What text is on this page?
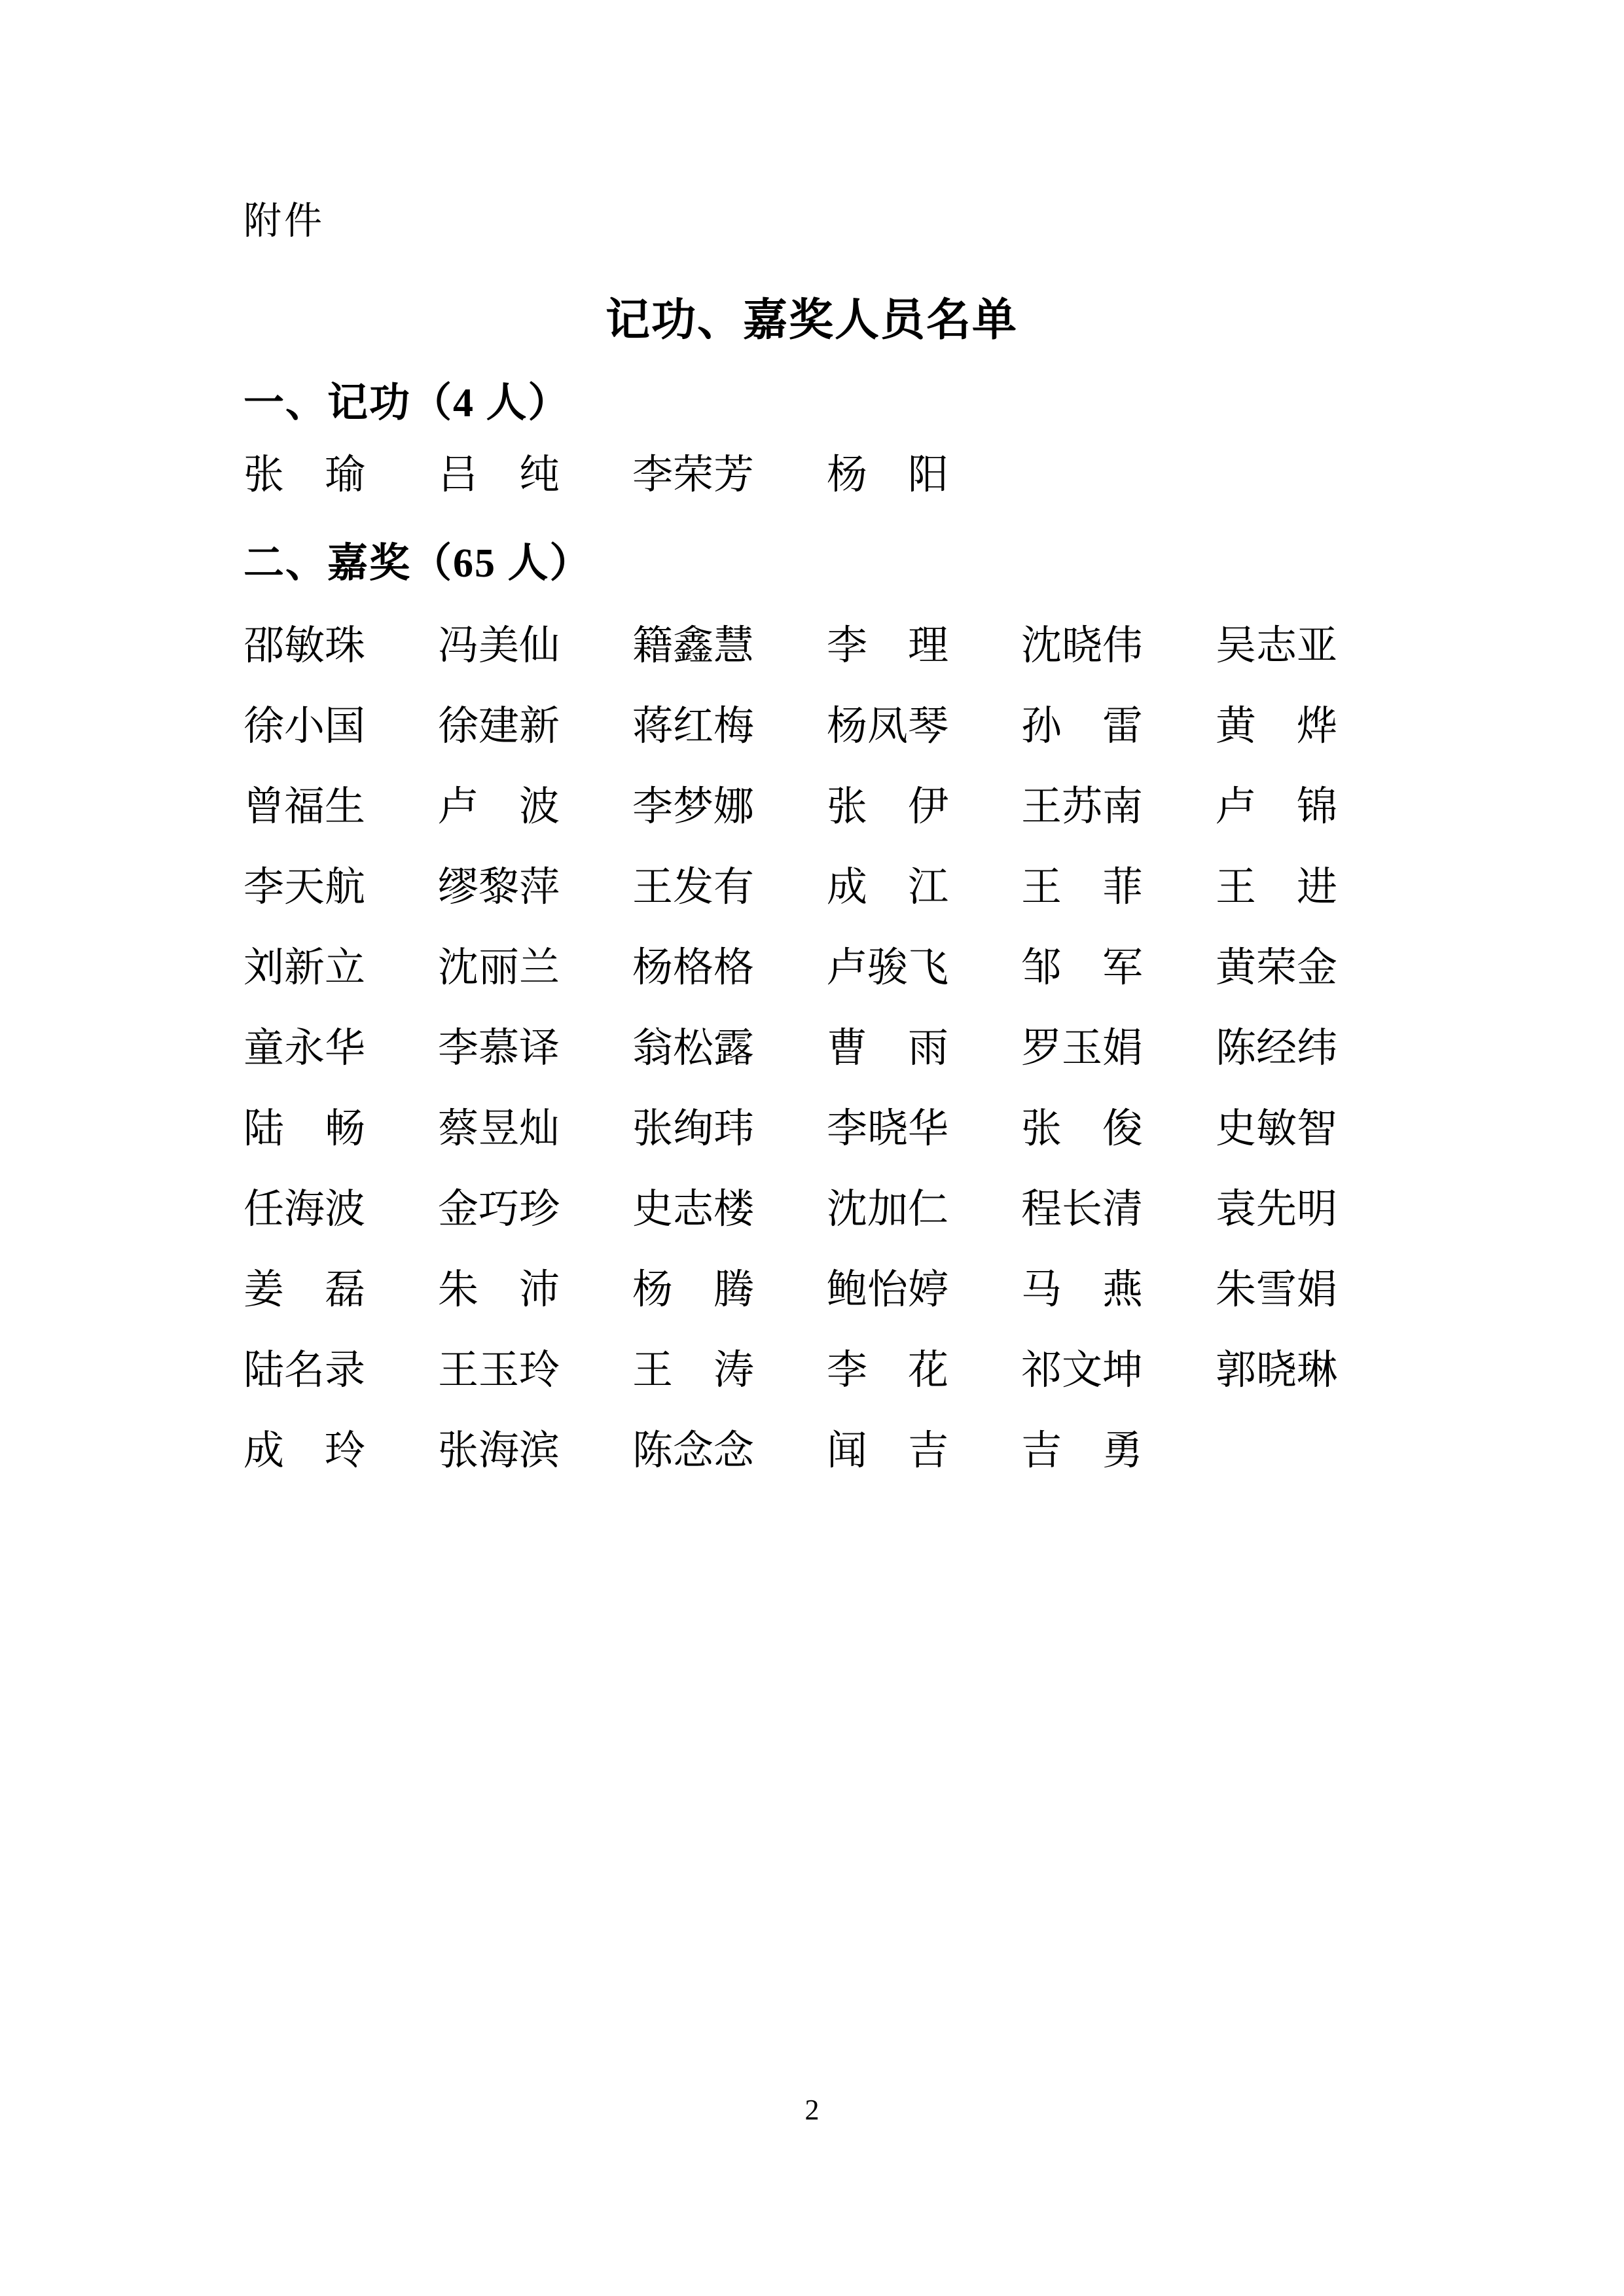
附件
记功、嘉奖人员名单
一、记功（4 人）
张　瑜 吕　纯 李荣芳 杨　阳
二、嘉奖（65 人）
邵敏珠 冯美仙 籍鑫慧 李　理 沈晓伟 吴志亚
徐小国 徐建新 蒋红梅 杨凤琴 孙　雷 黄　烨
曾福生 卢　波 李梦娜 张　伊 王苏南 卢　锦
李天航 缪黎萍 王发有 成　江 王　菲 王　进
刘新立 沈丽兰 杨格格 卢骏飞 邹　军 黄荣金
童永华 李慕译 翁松露 曹　雨 罗玉娟 陈经纬
陆　畅 蔡昱灿 张绚玮 李晓华 张　俊 史敏智
任海波 金巧珍 史志楼 沈加仁 程长清 袁先明
姜　磊 朱　沛 杨　腾 鲍怡婷 马　燕 朱雪娟
陆名录 王玉玲 王　涛 李　花 祁文坤 郭晓琳
成　玲 张海滨 陈念念 闻　吉 吉　勇
2
